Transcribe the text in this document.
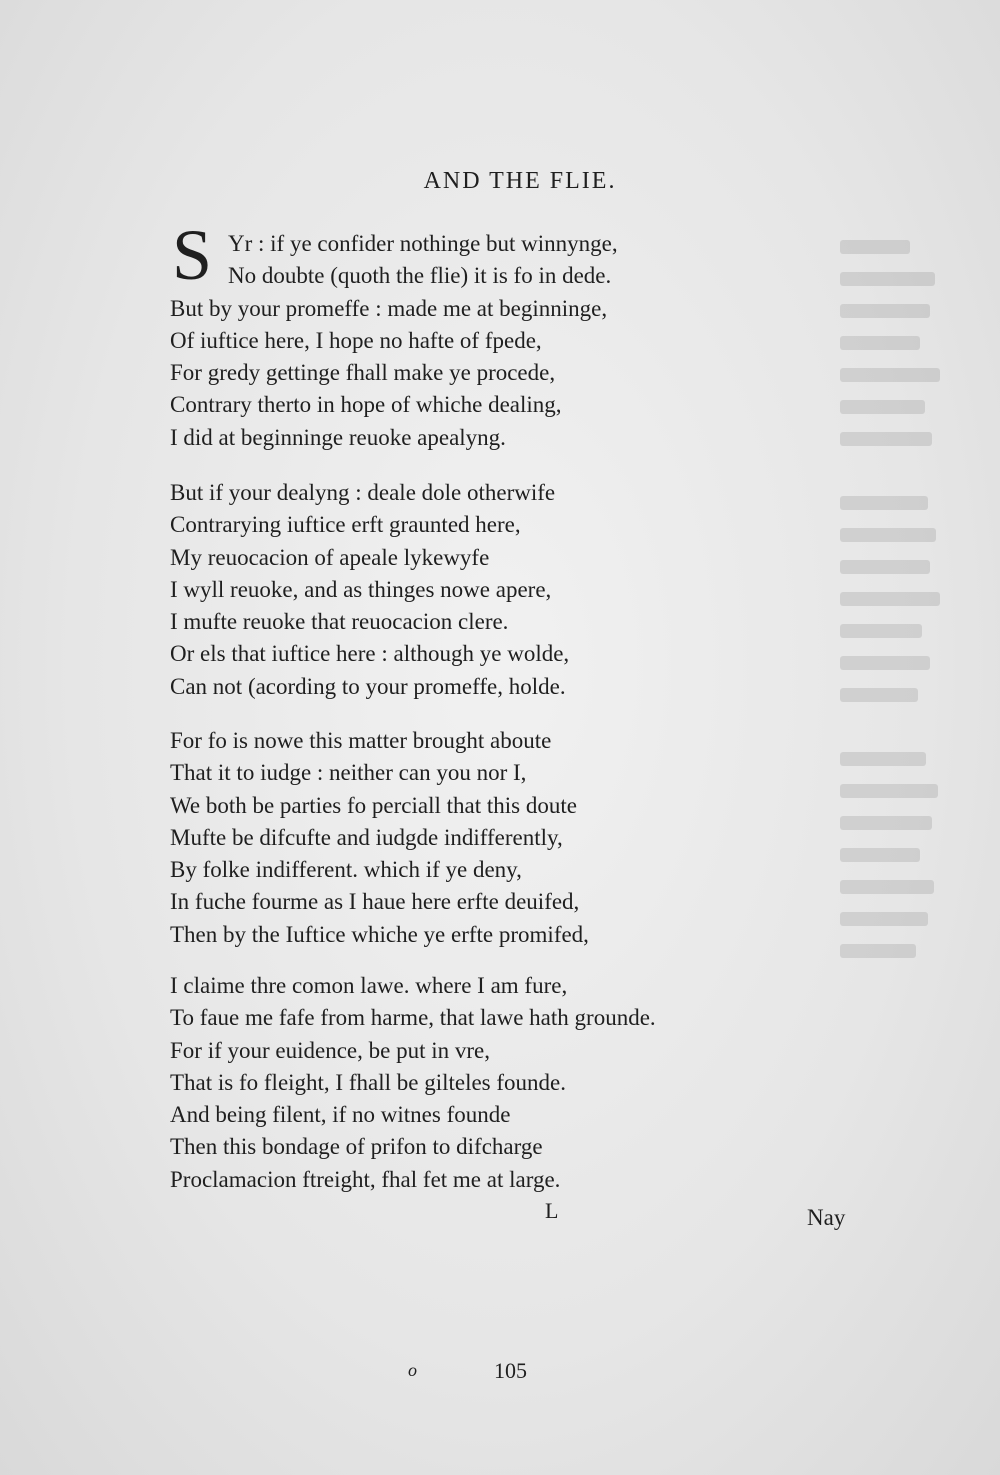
AND THE FLIE.
S Yr : if ye confider nothinge but winnynge,
No doubte (quoth the flie) it is fo in dede.
But by your promeffe : made me at beginninge,
Of iuftice here, I hope no hafte of fpede,
For gredy gettinge fhall make ye procede,
Contrary therto in hope of whiche dealing,
I did at beginninge reuoke apealyng.
But if your dealyng : deale dole otherwife
Contrarying iuftice erft graunted here,
My reuocacion of apeale lykewyfe
I wyll reuoke, and as thinges nowe apere,
I mufte reuoke that reuocacion clere.
Or els that iuftice here : although ye wolde,
Can not (acording to your promeffe, holde.
For fo is nowe this matter brought aboute
That it to iudge : neither can you nor I,
We both be parties fo perciall that this doute
Mufte be difcufte and iudgde indifferently,
By folke indifferent. which if ye deny,
In fuche fourme as I haue here erfte deuifed,
Then by the Iuftice whiche ye erfte promifed,
I claime thre comon lawe. where I am fure,
To faue me fafe from harme, that lawe hath grounde.
For if your euidence, be put in vre,
That is fo fleight, I fhall be gilteles founde.
And being filent, if no witnes founde
Then this bondage of prifon to difcharge
Proclamacion ftreight, fhal fet me at large.
L	Nay
o	105
